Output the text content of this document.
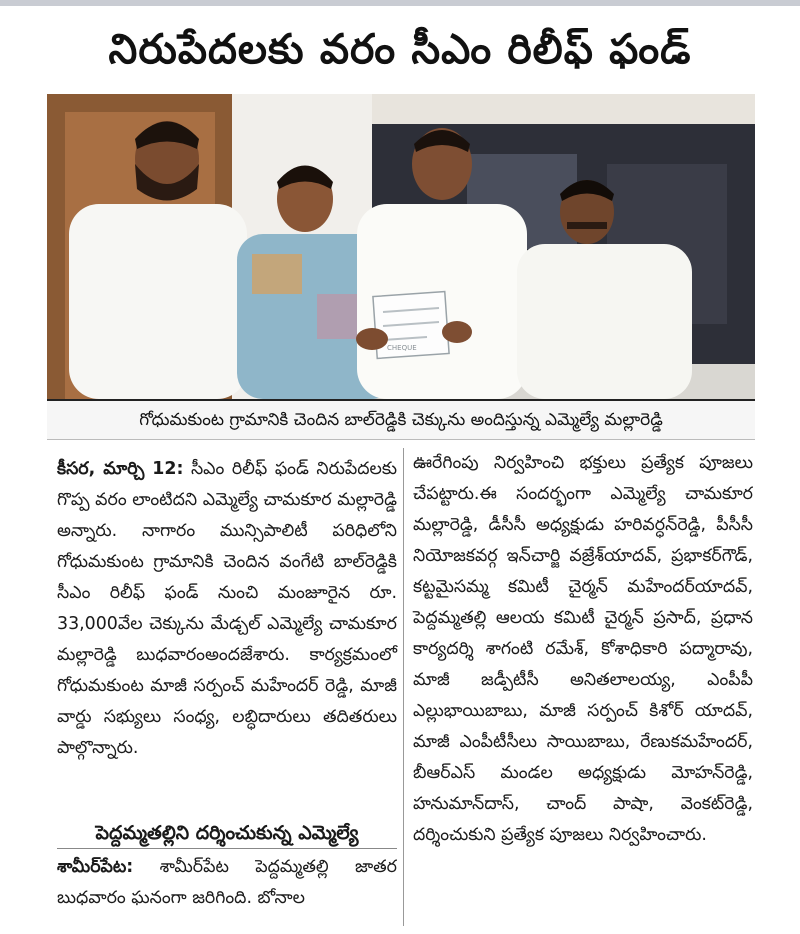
నిరుపేదలకు వరం సీఎం రిలీఫ్ ఫండ్
CHEQUE
గోధుమకుంట గ్రామానికి చెందిన బాల్‌రెడ్డికి చెక్కును అందిస్తున్న ఎమ్మెల్యే మల్లారెడ్డి

కీసర, మార్చి 12: సీఎం రిలీఫ్ ఫండ్ నిరుపేదలకు గొప్ప వరం లాంటిదని ఎమ్మెల్యే చామకూర మల్లారెడ్డి అన్నారు. నాగారం మున్సిపాలిటీ పరిధిలోని గోధుమకుంట గ్రామానికి చెందిన వంగేటి బాల్‌రెడ్డికి సీఎం రిలీఫ్ ఫండ్ నుంచి మంజూరైన రూ. 33,000వేల చెక్కును మేడ్చల్ ఎమ్మెల్యే చామకూర మల్లారెడ్డి బుధవారంఅందజేశారు. కార్యక్రమంలో గోధుమకుంట మాజీ సర్పంచ్ మహేందర్ రెడ్డి, మాజీ వార్డు సభ్యులు సంధ్య, లబ్ధిదారులు తదితరులు పాల్గొన్నారు.

పెద్దమ్మతల్లిని దర్శించుకున్న ఎమ్మెల్యే

శామీర్‌పేట: శామీర్‌పేట పెద్దమ్మతల్లి జాతర బుధవారం ఘనంగా జరిగింది. బోనాల

ఊరేగింపు నిర్వహించి భక్తులు ప్రత్యేక పూజలు చేపట్టారు.ఈ సందర్భంగా ఎమ్మెల్యే చామకూర మల్లారెడ్డి, డీసీసీ అధ్యక్షుడు హరివర్ధన్‌రెడ్డి, పీసీసీ నియోజకవర్గ ఇన్‌చార్జి వజ్రేశ్‌యాదవ్, ప్రభాకర్‌గౌడ్, కట్టమైసమ్మ కమిటీ చైర్మన్ మహేందర్‌యాదవ్, పెద్దమ్మతల్లి ఆలయ కమిటీ చైర్మన్ ప్రసాద్, ప్రధాన కార్యదర్శి శాగంటి రమేశ్, కోశాధికారి పద్మారావు, మాజీ జడ్పీటీసీ అనితలాలయ్య, ఎంపీపీ ఎల్లుభాయిబాబు, మాజీ సర్పంచ్ కిశోర్ యాదవ్, మాజీ ఎంపీటీసీలు సాయిబాబు, రేణుకమహేందర్, బీఆర్‌ఎస్ మండల అధ్యక్షుడు మోహన్‌రెడ్డి, హనుమాన్‌దాస్, చాంద్ పాషా, వెంకట్‌రెడ్డి, దర్శించుకుని ప్రత్యేక పూజలు నిర్వహించారు.
